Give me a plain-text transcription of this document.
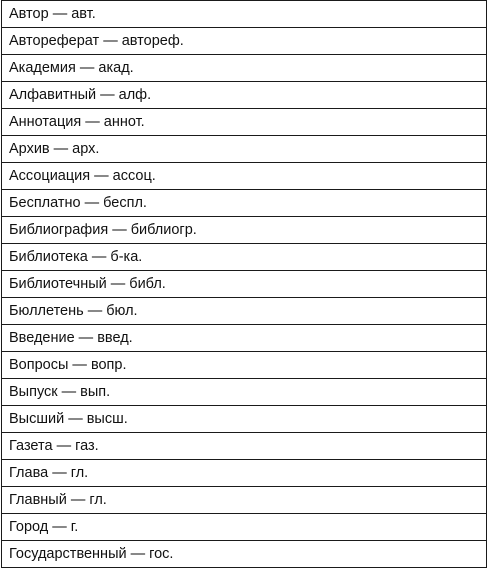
Автор — авт.
Автореферат — автореф.
Академия — акад.
Алфавитный — алф.
Аннотация — аннот.
Архив — арх.
Ассоциация — ассоц.
Бесплатно — беспл.
Библиография — библиогр.
Библиотека — б-ка.
Библиотечный — библ.
Бюллетень — бюл.
Введение — введ.
Вопросы — вопр.
Выпуск — вып.
Высший — высш.
Газета — газ.
Глава — гл.
Главный — гл.
Город — г.
Государственный — гос.
